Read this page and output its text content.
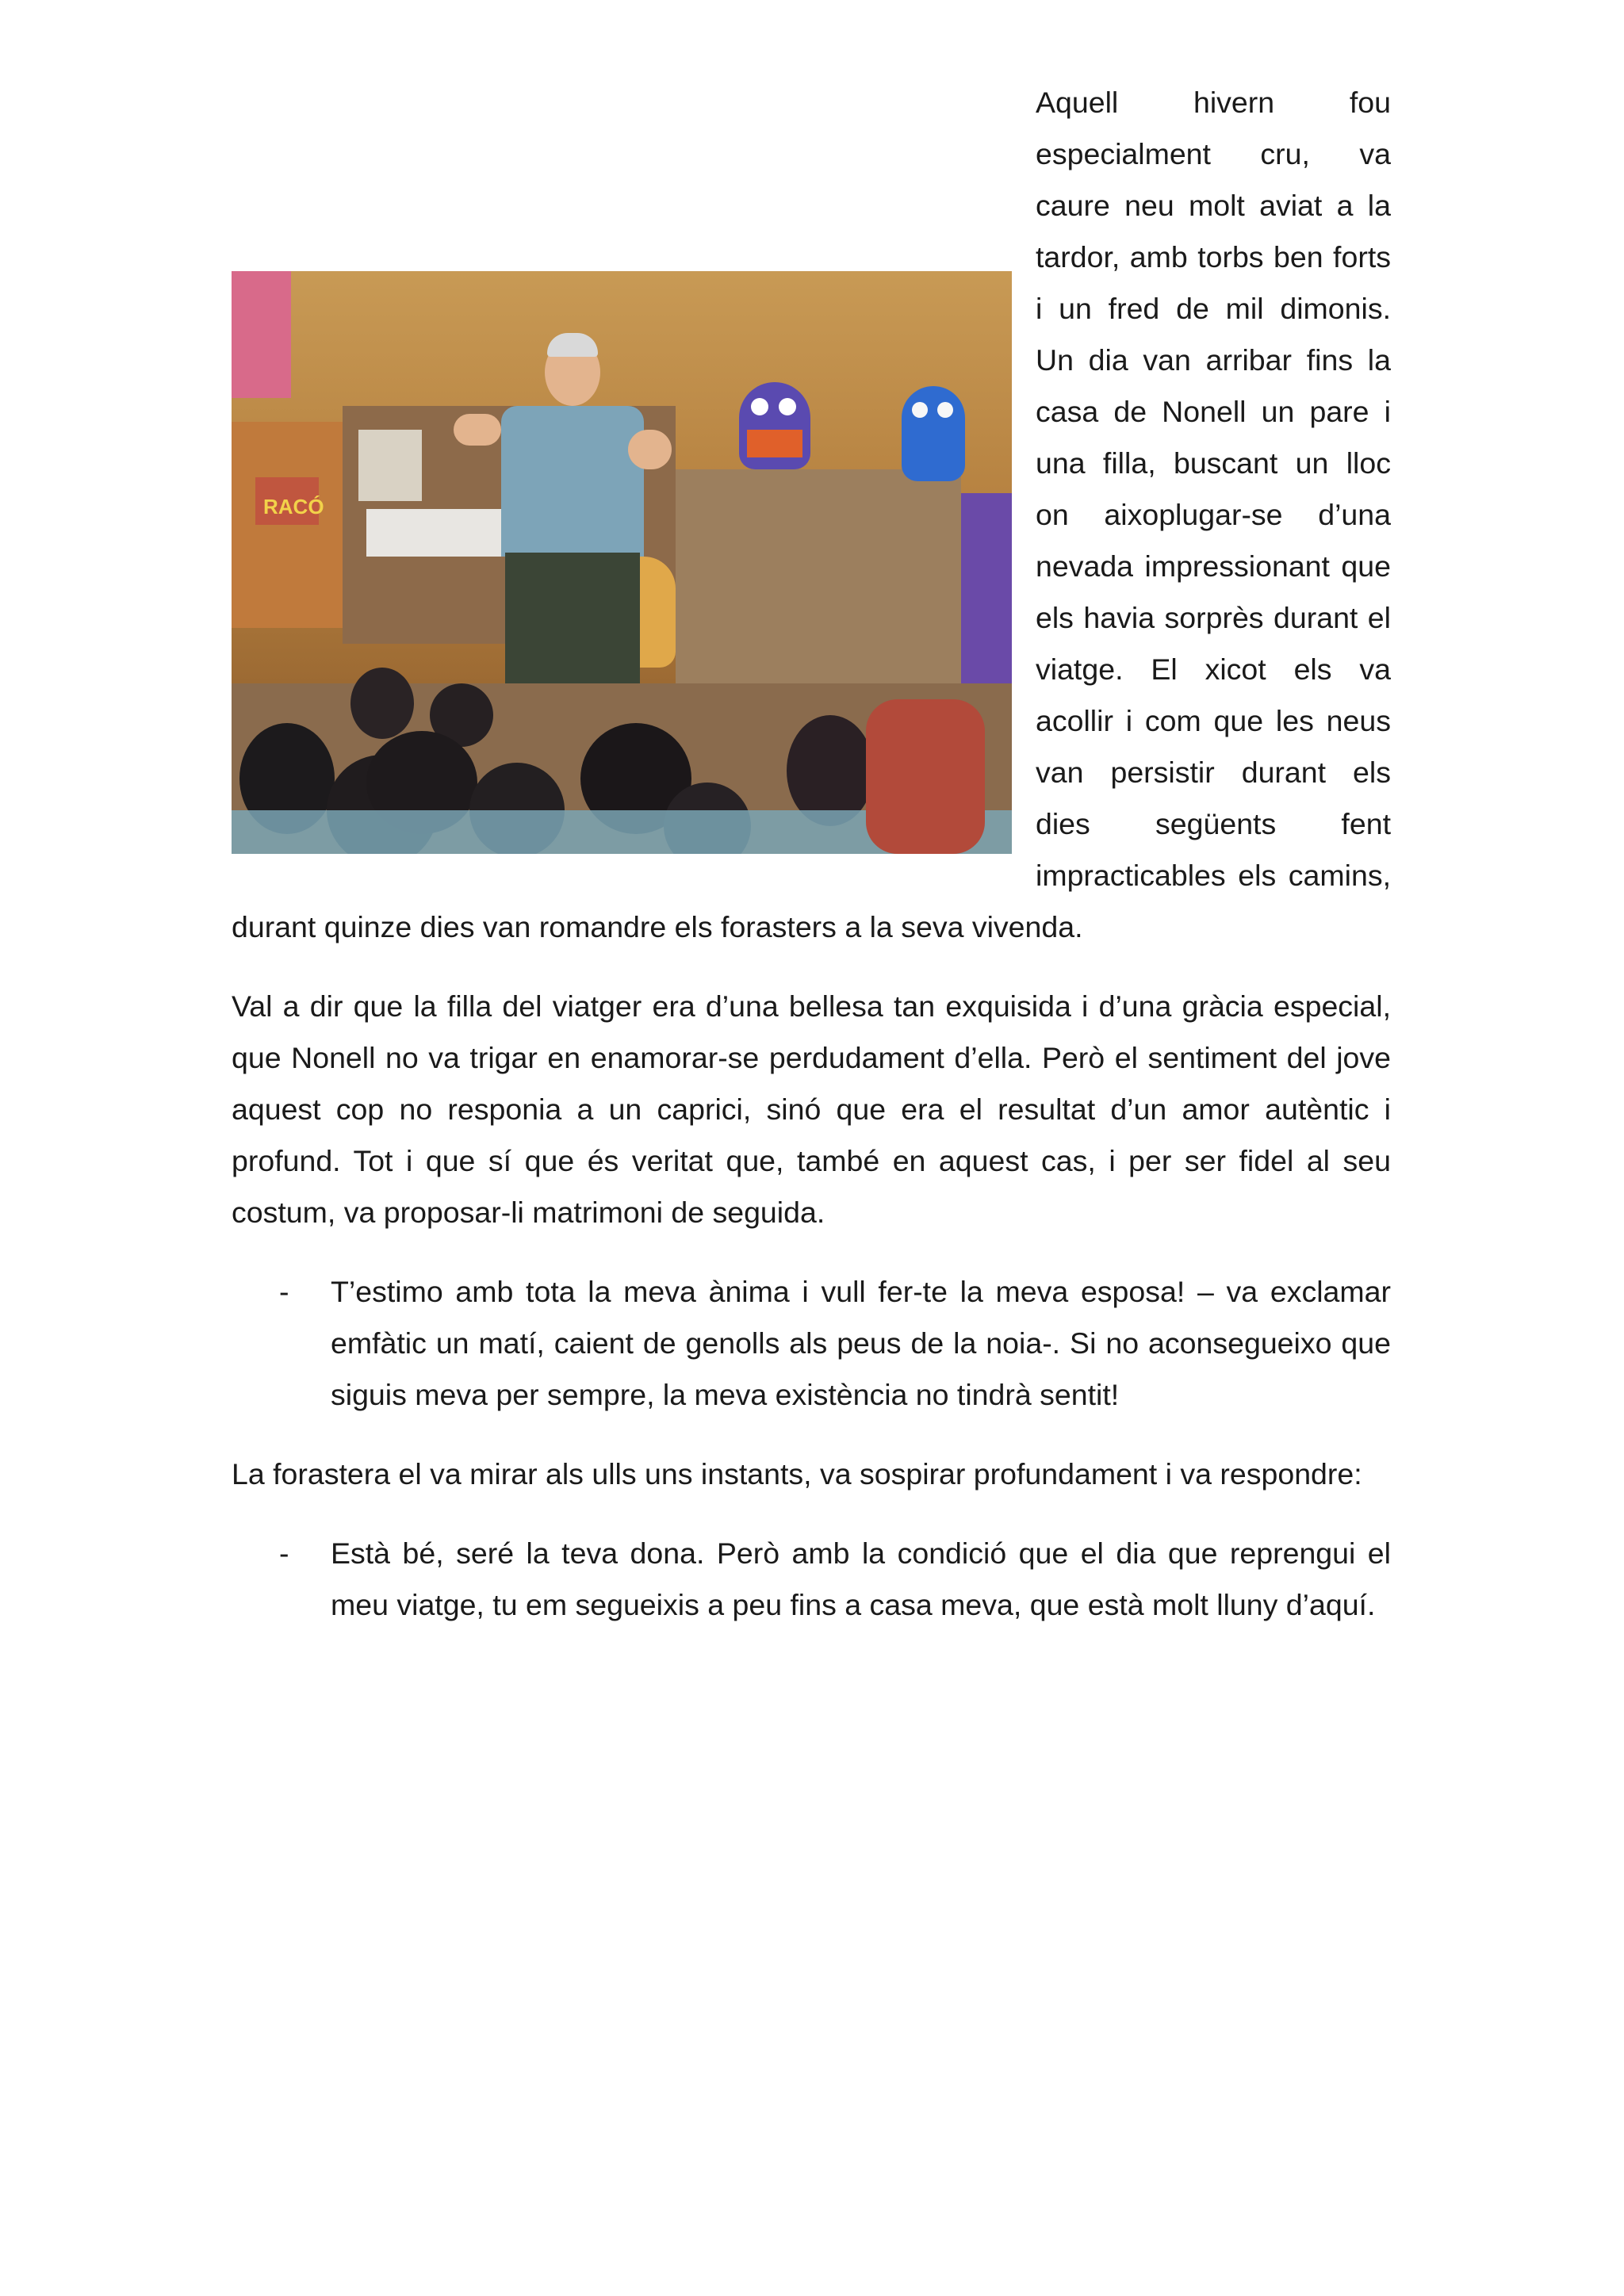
RACÓ

Aquell hivern fou especialment cru, va caure neu molt aviat a la tardor, amb torbs ben forts i un fred de mil dimonis. Un dia van arribar fins la casa de Nonell un pare i una filla, buscant un lloc on aixoplugar-se d’una nevada impressionant que els havia sorprès durant el viatge. El xicot els va acollir i com que les neus van persistir durant els dies següents fent impracticables els camins, durant quinze dies van romandre els forasters a la seva vivenda.

Val a dir que la filla del viatger era d’una bellesa tan exquisida i d’una gràcia especial, que Nonell no va trigar en enamorar-se perdudament d’ella. Però el sentiment del jove aquest cop no responia a un caprici, sinó que era el resultat d’un amor autèntic i profund. Tot i que sí que és veritat que, també en aquest cas, i per ser fidel al seu costum, va proposar-li matrimoni de seguida.

- T’estimo amb tota la meva ànima i vull fer-te la meva esposa! – va exclamar emfàtic un matí, caient de genolls als peus de la noia-. Si no aconsegueixo que siguis meva per sempre, la meva existència no tindrà sentit!

La forastera el va mirar als ulls uns instants, va sospirar profundament i va respondre:

- Està bé, seré la teva dona. Però amb la condició que el dia que reprengui el meu viatge, tu em segueixis a peu fins a casa meva, que està molt lluny d’aquí.
